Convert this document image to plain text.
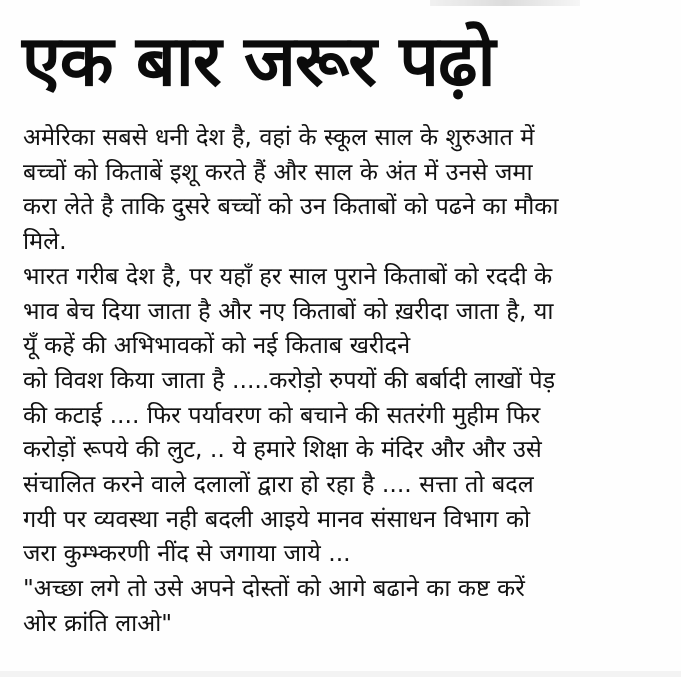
एक बार जरूर पढ़ो
अमेरिका सबसे धनी देश है, वहां के स्कूल साल के शुरुआत में
बच्चों को किताबें इशू करते हैं और साल के अंत में उनसे जमा
करा लेते है ताकि दुसरे बच्चों को उन किताबों को पढने का मौका
मिले.
भारत गरीब देश है, पर यहाँ हर साल पुराने किताबों को रददी के
भाव बेच दिया जाता है और नए किताबों को ख़रीदा जाता है, या
यूँ कहें की अभिभावकों को नई किताब खरीदने
को विवश किया जाता है .....करोड़ो रुपयों की बर्बादी लाखों पेड़
की कटाई .... फिर पर्यावरण को बचाने की सतरंगी मुहीम फिर
करोड़ों रूपये की लुट, .. ये हमारे शिक्षा के मंदिर और और उसे
संचालित करने वाले दलालों द्वारा हो रहा है .... सत्ता तो बदल
गयी पर व्यवस्था नही बदली आइये मानव संसाधन विभाग को
जरा कुम्भ्करणी नींद से जगाया जाये ...
"अच्छा लगे तो उसे अपने दोस्तों को आगे बढाने का कष्ट करें
ओर क्रांति लाओ"
